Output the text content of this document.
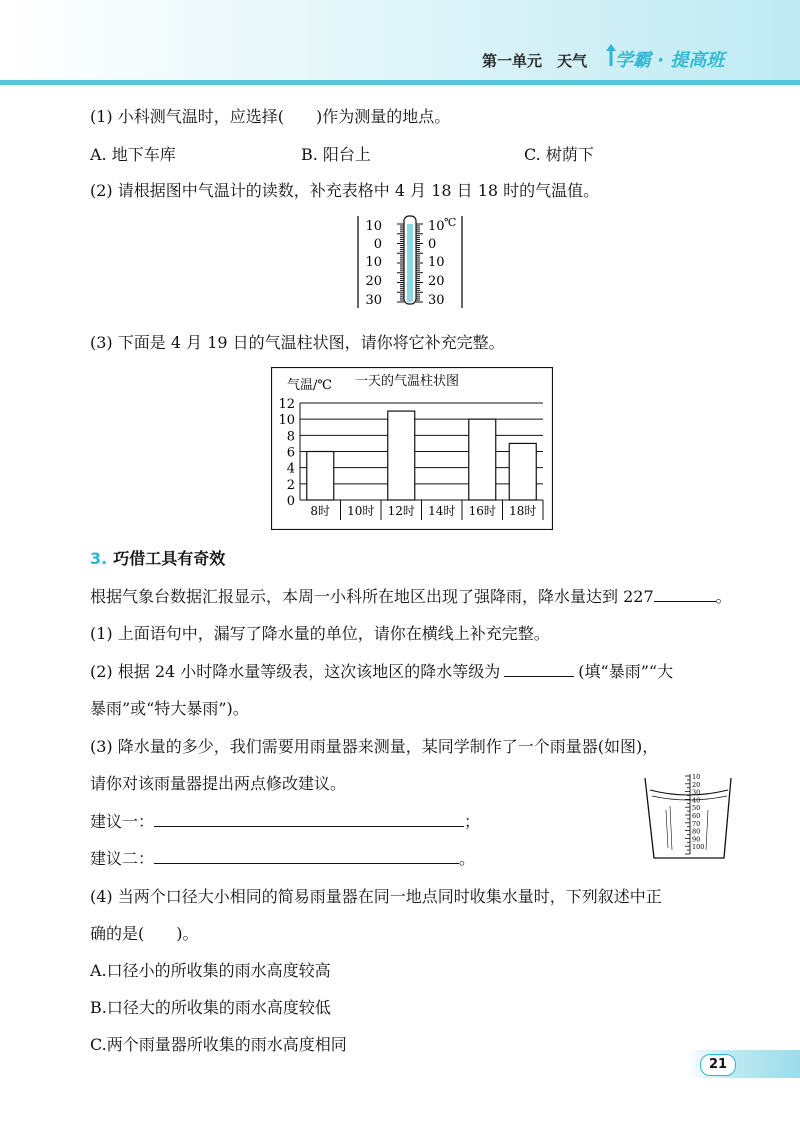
第一单元　天气 学霸 · 提高班
(1) 小科测气温时，应选择(　　)作为测量的地点。
A. 地下车库	B. 阳台上	C. 树荫下
(2) 请根据图中气温计的读数，补充表格中 4 月 18 日 18 时的气温值。
10
0
10
20
30
10
0
10
20
30
℃
(3) 下面是 4 月 19 日的气温柱状图，请你将它补充完整。
气温/℃ 一天的气温柱状图
0
2
4
6
8
10
12
8时 10时 12时 14时 16时 18时
3. 巧借工具有奇效
根据气象台数据汇报显示，本周一小科所在地区出现了强降雨，降水量达到 227	。
(1) 上面语句中，漏写了降水量的单位，请你在横线上补充完整。
(2) 根据 24 小时降水量等级表，这次该地区的降水等级为	(填“暴雨”“大
暴雨”或“特大暴雨”)。
(3) 降水量的多少，我们需要用雨量器来测量，某同学制作了一个雨量器(如图)，
请你对该雨量器提出两点修改建议。
建议一：	；
建议二：	。
10
20
30
40
50
60
70
80
90
100
(4) 当两个口径大小相同的简易雨量器在同一地点同时收集水量时，下列叙述中正
确的是(　　)。
A.口径小的所收集的雨水高度较高
B.口径大的所收集的雨水高度较低
C.两个雨量器所收集的雨水高度相同
21
